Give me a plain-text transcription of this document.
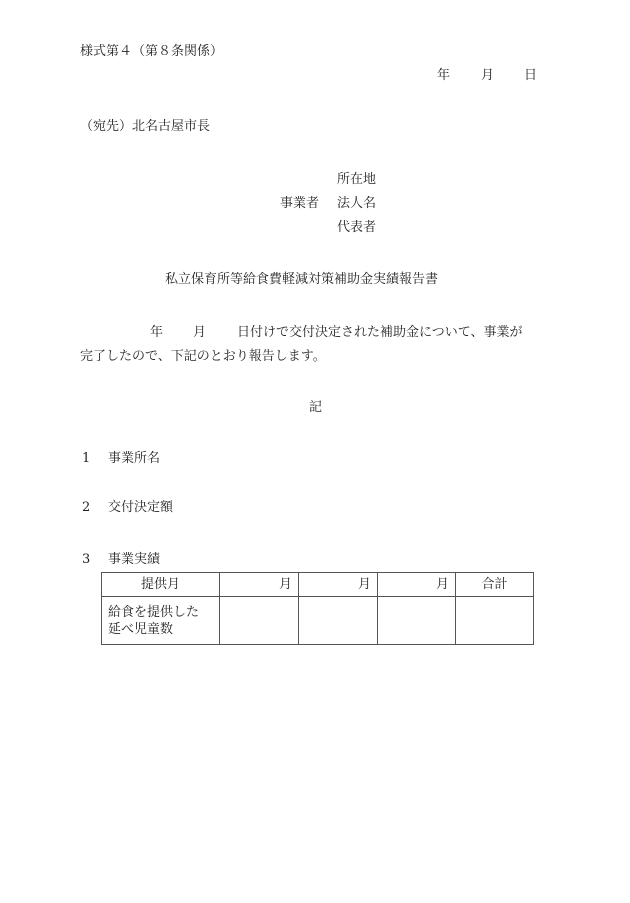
様式第４（第８条関係）
年 月 日
（宛先）北名古屋市長
所在地
事業者 法人名
代表者
私立保育所等給食費軽減対策補助金実績報告書
年 月 日付けで交付決定された補助金について、事業が
完了したので、下記のとおり報告します。
記
1 事業所名
2 交付決定額
3 事業実績
提供月	月	月	月	合計

給食を提供した
延べ児童数				
